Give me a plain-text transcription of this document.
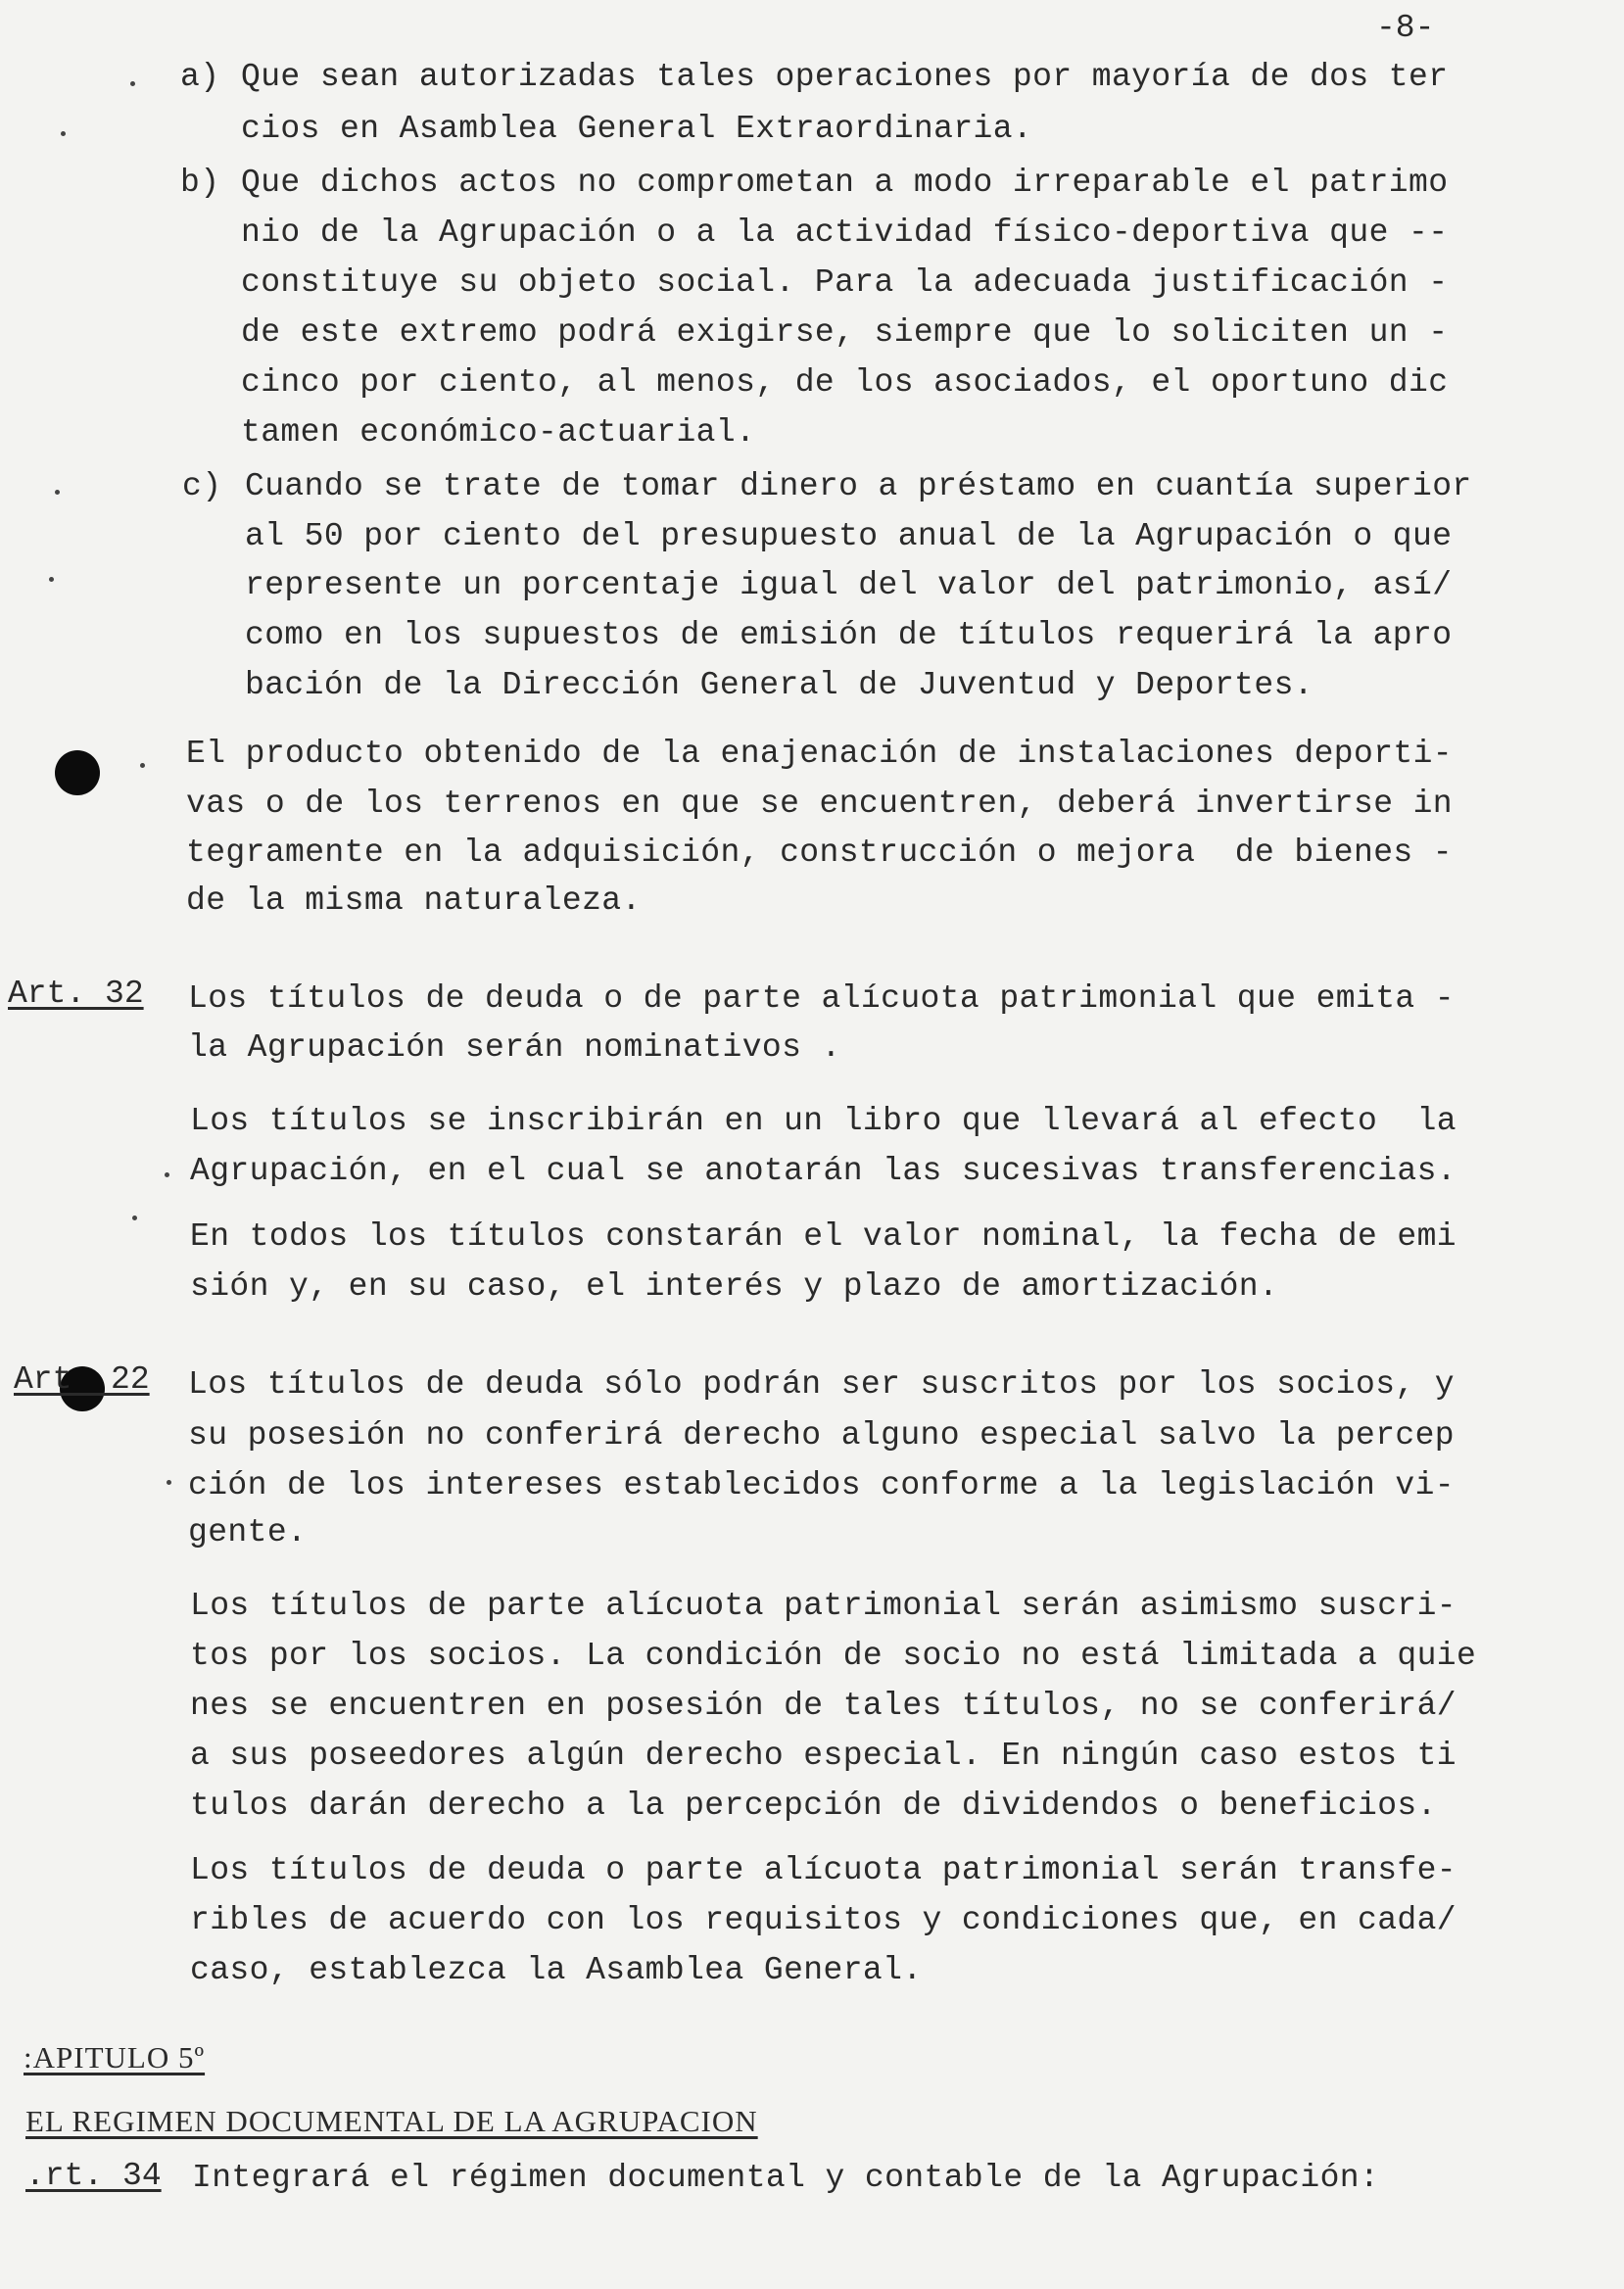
-8-
a) Que sean autorizadas tales operaciones por mayoría de dos ter
cios en Asamblea General Extraordinaria.
b) Que dichos actos no comprometan a modo irreparable el patrimo
nio de la Agrupación o a la actividad físico-deportiva que --
constituye su objeto social. Para la adecuada justificación -
de este extremo podrá exigirse, siempre que lo soliciten un -
cinco por ciento, al menos, de los asociados, el oportuno dic
tamen económico-actuarial.
c) Cuando se trate de tomar dinero a préstamo en cuantía superior
al 50 por ciento del presupuesto anual de la Agrupación o que
represente un porcentaje igual del valor del patrimonio, así/
como en los supuestos de emisión de títulos requerirá la apro
bación de la Dirección General de Juventud y Deportes.
El producto obtenido de la enajenación de instalaciones deporti-
vas o de los terrenos en que se encuentren, deberá invertirse in
tegramente en la adquisición, construcción o mejora  de bienes -
de la misma naturaleza.
Art. 32 Los títulos de deuda o de parte alícuota patrimonial que emita -
la Agrupación serán nominativos .
Los títulos se inscribirán en un libro que llevará al efecto  la
Agrupación, en el cual se anotarán las sucesivas transferencias.
En todos los títulos constarán el valor nominal, la fecha de emi
sión y, en su caso, el interés y plazo de amortización.
Art  22 Los títulos de deuda sólo podrán ser suscritos por los socios, y
su posesión no conferirá derecho alguno especial salvo la percep
ción de los intereses establecidos conforme a la legislación vi-
gente.
Los títulos de parte alícuota patrimonial serán asimismo suscri-
tos por los socios. La condición de socio no está limitada a quie
nes se encuentren en posesión de tales títulos, no se conferirá/
a sus poseedores algún derecho especial. En ningún caso estos ti
tulos darán derecho a la percepción de dividendos o beneficios.
Los títulos de deuda o parte alícuota patrimonial serán transfe-
ribles de acuerdo con los requisitos y condiciones que, en cada/
caso, establezca la Asamblea General.
:APITULO 5º
EL REGIMEN DOCUMENTAL DE LA AGRUPACION
.rt. 34 Integrará el régimen documental y contable de la Agrupación:
